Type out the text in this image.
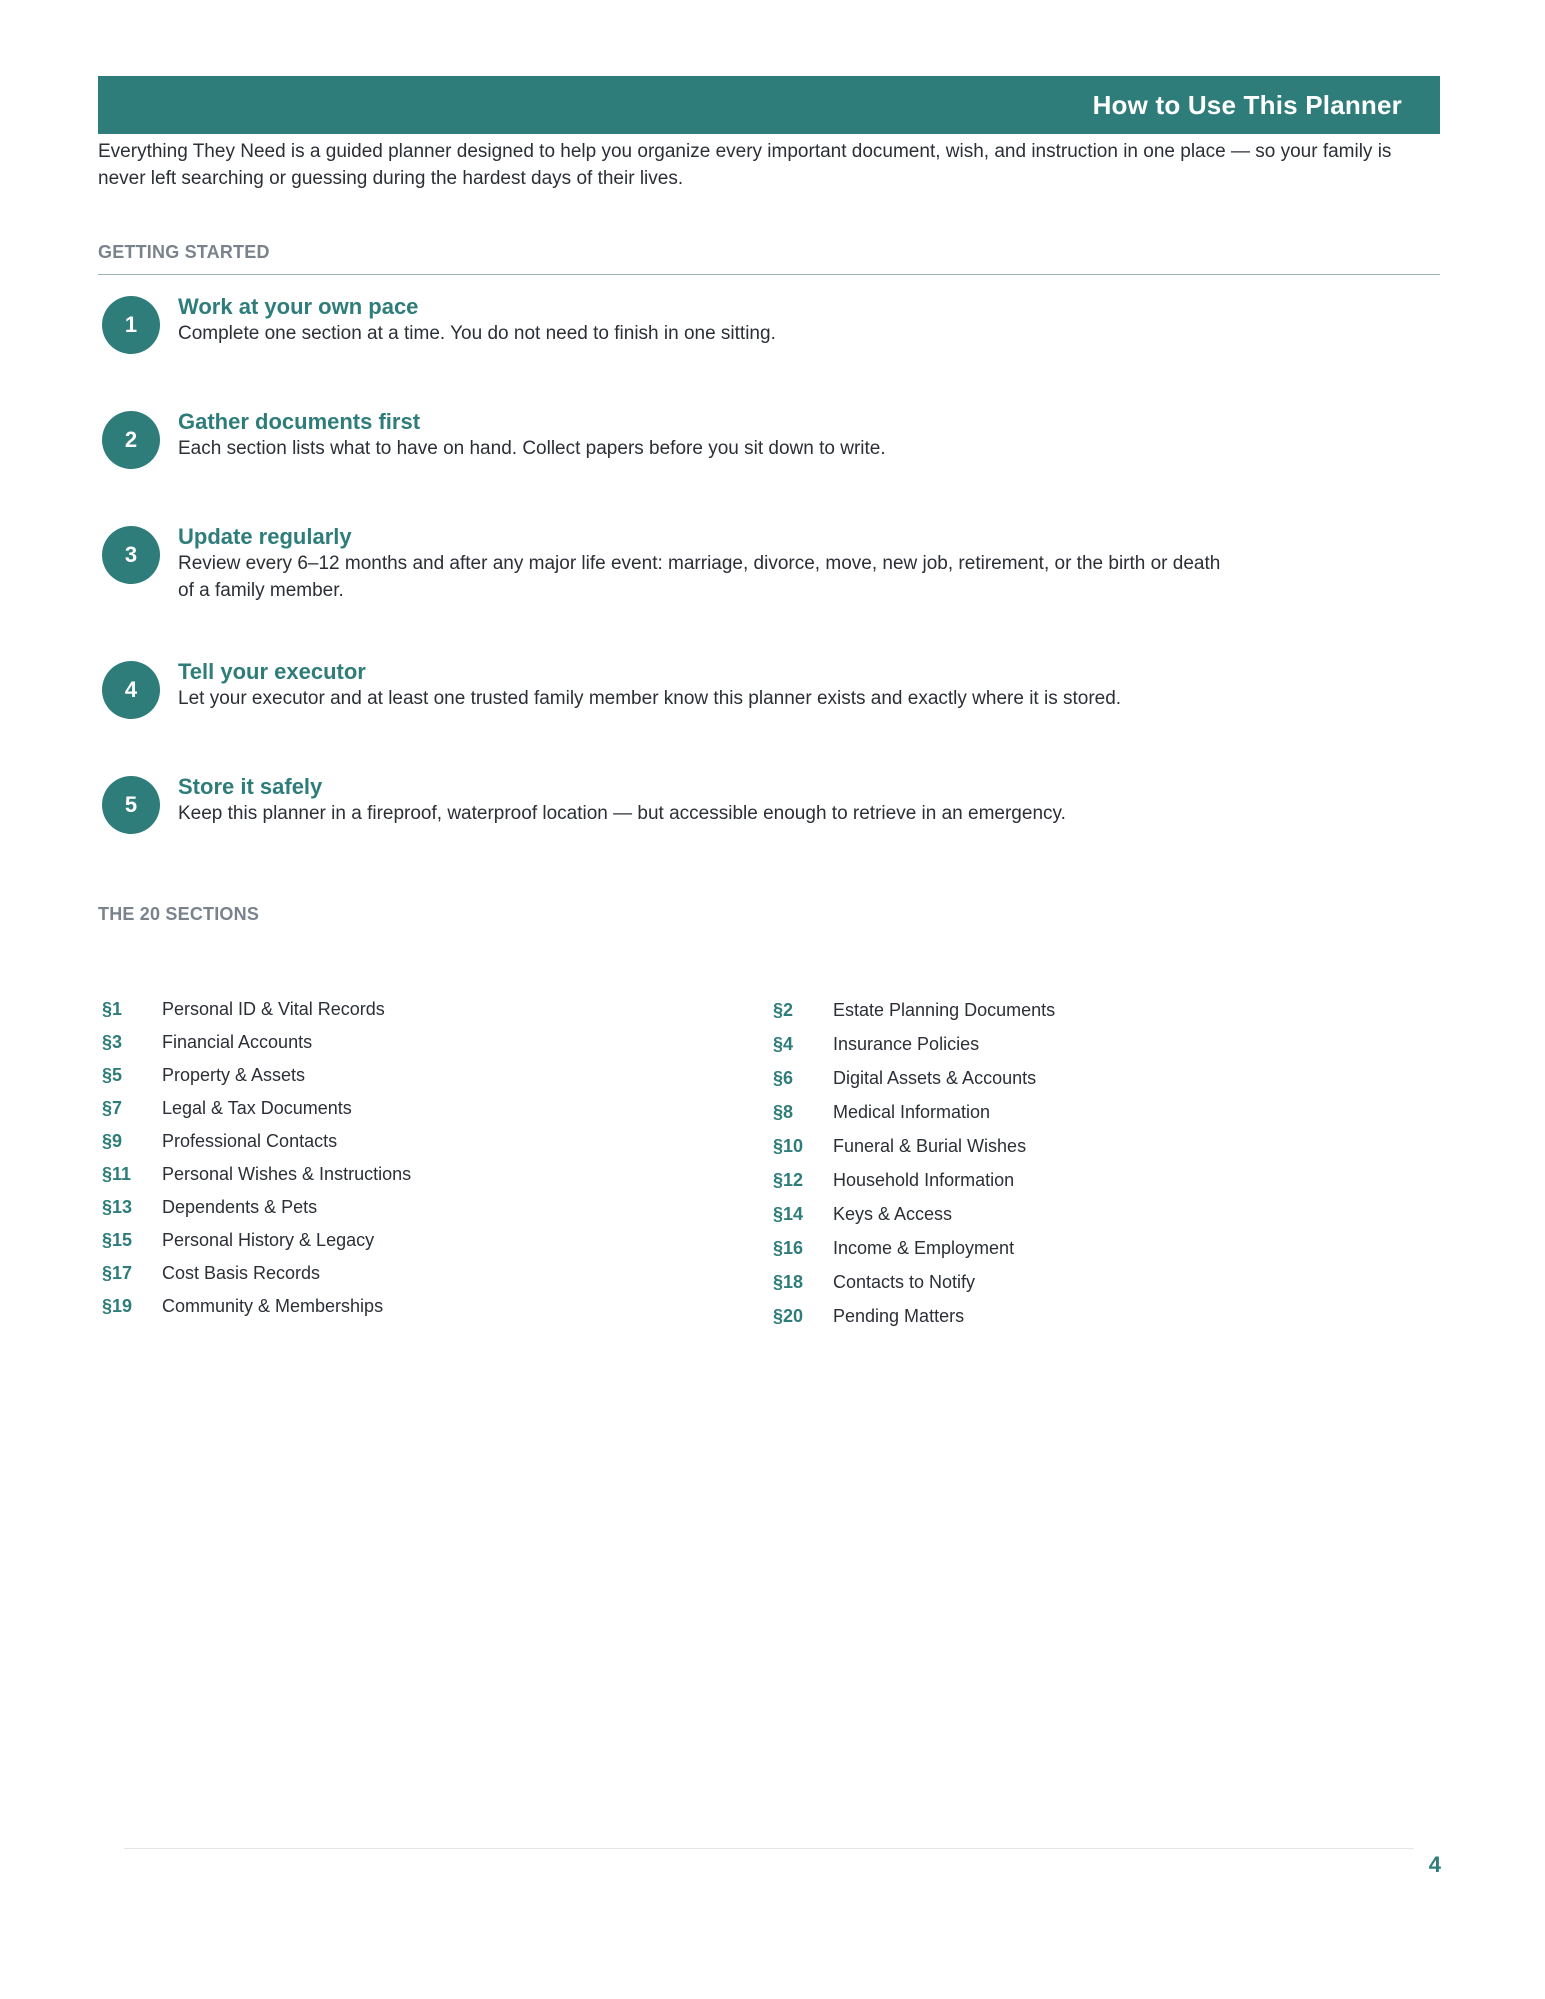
How to Use This Planner

Everything They Need is a guided planner designed to help you organize every important document, wish, and instruction in one place — so your family is never left searching or guessing during the hardest days of their lives.

GETTING STARTED
1
Work at your own pace
Complete one section at a time. You do not need to finish in one sitting.
2
Gather documents first
Each section lists what to have on hand. Collect papers before you sit down to write.
3
Update regularly
Review every 6–12 months and after any major life event: marriage, divorce, move, new job, retirement, or the birth or death of a family member.
4
Tell your executor
Let your executor and at least one trusted family member know this planner exists and exactly where it is stored.
5
Store it safely
Keep this planner in a fireproof, waterproof location — but accessible enough to retrieve in an emergency.
THE 20 SECTIONS
§1	Personal ID & Vital Records
§3	Financial Accounts
§5	Property & Assets
§7	Legal & Tax Documents
§9	Professional Contacts
§11	Personal Wishes & Instructions
§13	Dependents & Pets
§15	Personal History & Legacy
§17	Cost Basis Records
§19	Community & Memberships
§2	Estate Planning Documents
§4	Insurance Policies
§6	Digital Assets & Accounts
§8	Medical Information
§10	Funeral & Burial Wishes
§12	Household Information
§14	Keys & Access
§16	Income & Employment
§18	Contacts to Notify
§20	Pending Matters
4
